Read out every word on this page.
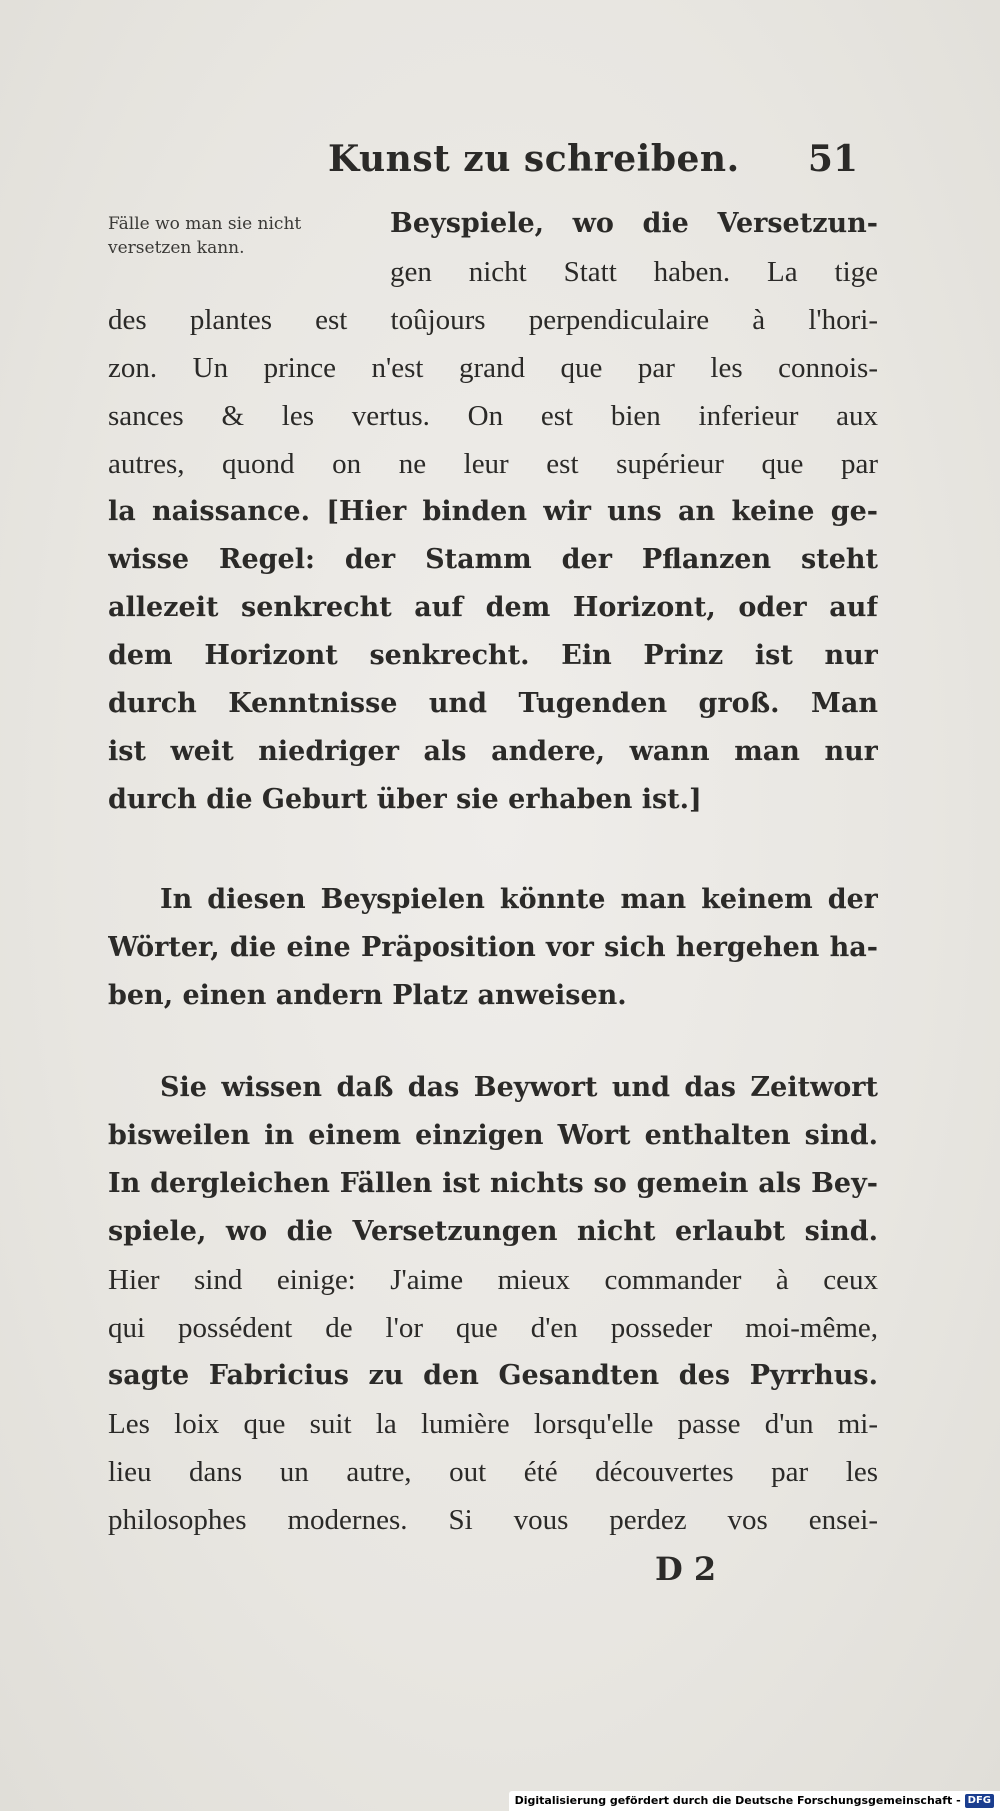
Kunst zu schreiben. 51
Fälle wo man sie nicht
versetzen kann.
Beyspiele, wo die Versetzun-
gen nicht Statt haben. La tige
des plantes est toûjours perpendiculaire à l'hori-
zon. Un prince n'est grand que par les connois-
sances & les vertus. On est bien inferieur aux
autres, quond on ne leur est supérieur que par
la naissance. [Hier binden wir uns an keine ge-
wisse Regel: der Stamm der Pflanzen steht
allezeit senkrecht auf dem Horizont, oder auf
dem Horizont senkrecht. Ein Prinz ist nur
durch Kenntnisse und Tugenden groß. Man
ist weit niedriger als andere, wann man nur
durch die Geburt über sie erhaben ist.]
In diesen Beyspielen könnte man keinem der
Wörter, die eine Präposition vor sich hergehen ha-
ben, einen andern Platz anweisen.
Sie wissen daß das Beywort und das Zeitwort
bisweilen in einem einzigen Wort enthalten sind.
In dergleichen Fällen ist nichts so gemein als Bey-
spiele, wo die Versetzungen nicht erlaubt sind.
Hier sind einige: J'aime mieux commander à ceux
qui possédent de l'or que d'en posseder moi-même,
sagte Fabricius zu den Gesandten des Pyrrhus.
Les loix que suit la lumière lorsqu'elle passe d'un mi-
lieu dans un autre, out été découvertes par les
philosophes modernes. Si vous perdez vos ensei-
D 2
Digitalisierung gefördert durch die Deutsche Forschungsgemeinschaft - DFG
